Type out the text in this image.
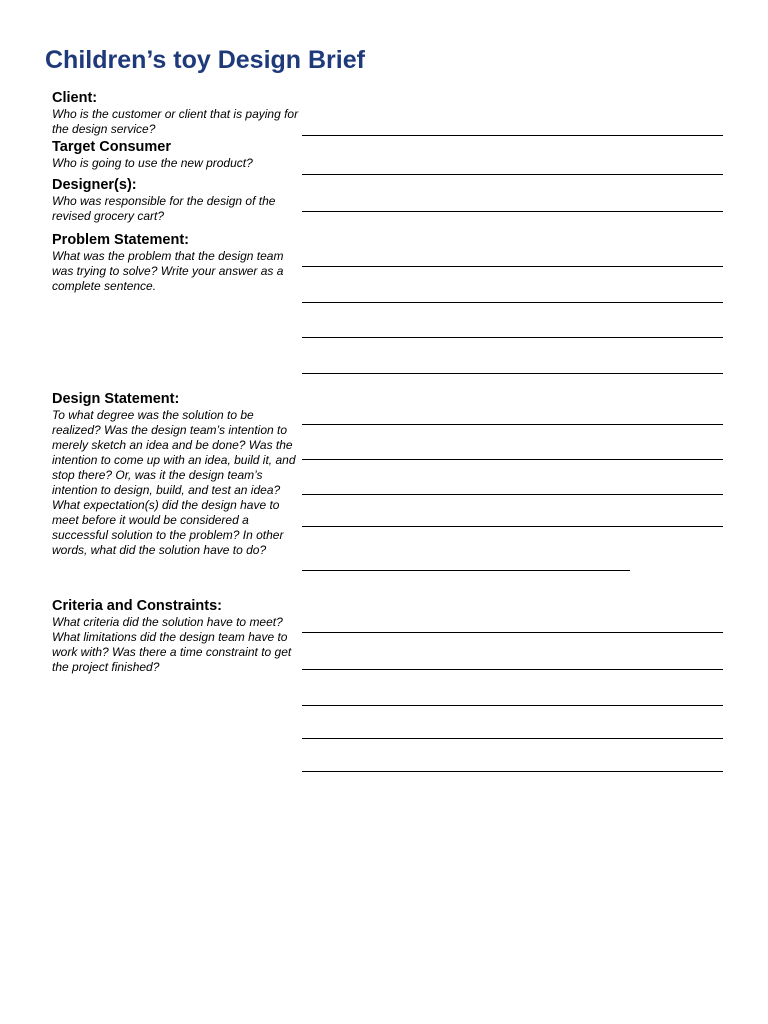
Children’s toy Design Brief
Client:

Who is the customer or client that is paying for the design service?

Target Consumer

Who is going to use the new product?

Designer(s):

Who was responsible for the design of the revised grocery cart?

Problem Statement:

What was the problem that the design team was trying to solve? Write your answer as a complete sentence.

Design Statement:

To what degree was the solution to be realized? Was the design team’s intention to merely sketch an idea and be done? Was the intention to come up with an idea, build it, and stop there? Or, was it the design team’s intention to design, build, and test an idea? What expectation(s) did the design have to meet before it would be considered a successful solution to the problem? In other words, what did the solution have to do?

Criteria and Constraints:

What criteria did the solution have to meet? What limitations did the design team have to work with? Was there a time constraint to get the project finished?
